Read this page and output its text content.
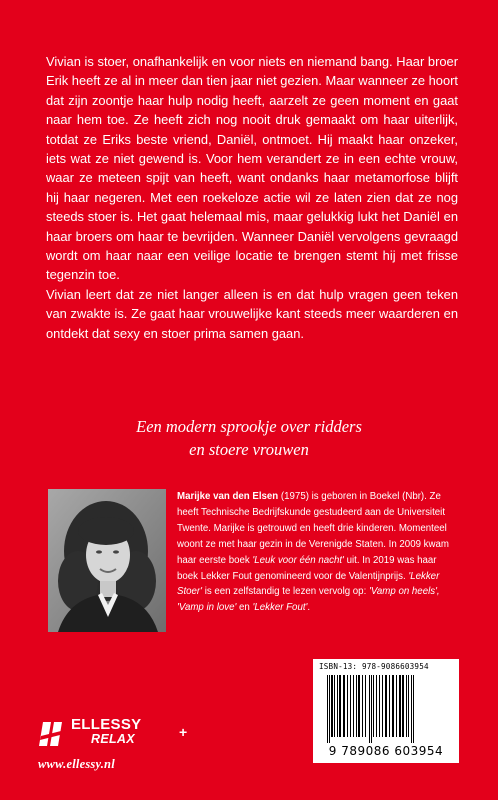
Vivian is stoer, onafhankelijk en voor niets en niemand bang. Haar broer Erik heeft ze al in meer dan tien jaar niet gezien. Maar wanneer ze hoort dat zijn zoontje haar hulp nodig heeft, aarzelt ze geen moment en gaat naar hem toe. Ze heeft zich nog nooit druk gemaakt om haar uiterlijk, totdat ze Eriks beste vriend, Daniël, ontmoet. Hij maakt haar onzeker, iets wat ze niet gewend is. Voor hem verandert ze in een echte vrouw, waar ze meteen spijt van heeft, want ondanks haar metamorfose blijft hij haar negeren. Met een roekeloze actie wil ze laten zien dat ze nog steeds stoer is. Het gaat helemaal mis, maar gelukkig lukt het Daniël en haar broers om haar te bevrijden. Wanneer Daniël vervolgens gevraagd wordt om haar naar een veilige locatie te brengen stemt hij met frisse tegenzin toe.

Vivian leert dat ze niet langer alleen is en dat hulp vragen geen teken van zwakte is. Ze gaat haar vrouwelijke kant steeds meer waarderen en ontdekt dat sexy en stoer prima samen gaan.

Een modern sprookje over ridders
en stoere vrouwen
Marijke van den Elsen (1975) is geboren in Boekel (Nbr). Ze heeft Technische Bedrijfskunde gestudeerd aan de Universiteit Twente. Marijke is getrouwd en heeft drie kinderen. Momenteel woont ze met haar gezin in de Verenigde Staten. In 2009 kwam haar eerste boek 'Leuk voor één nacht' uit. In 2019 was haar boek Lekker Fout genomineerd voor de Valentijnprijs. 'Lekker Stoer' is een zelfstandig te lezen vervolg op: 'Vamp on heels', 'Vamp in love' en 'Lekker Fout'.
ISBN-13: 978-9086603954
9 789086 603954
ELLESSY
RELAX	+
www.ellessy.nl
